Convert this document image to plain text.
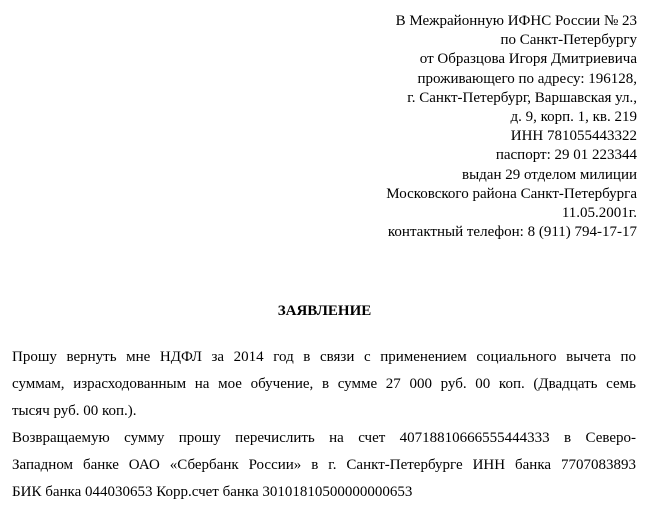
В Межрайонную ИФНС России № 23
по Санкт-Петербургу
от Образцова Игоря Дмитриевича
проживающего по адресу: 196128,
г. Санкт-Петербург, Варшавская ул.,
д. 9, корп. 1, кв. 219
ИНН 781055443322
паспорт: 29 01 223344
выдан 29 отделом милиции
Московского района Санкт-Петербурга
11.05.2001г.
контактный телефон: 8 (911) 794-17-17
ЗАЯВЛЕНИЕ
Прошу вернуть мне НДФЛ за 2014 год в связи с применением социального вычета по
суммам, израсходованным на мое обучение, в сумме 27 000 руб. 00 коп. (Двадцать семь
тысяч руб. 00 коп.).
Возвращаемую сумму прошу перечислить на счет 40718810666555444333 в Северо-
Западном банке ОАО «Сбербанк России» в г. Санкт-Петербурге ИНН банка 7707083893
БИК банка 044030653 Корр.счет банка 30101810500000000653
